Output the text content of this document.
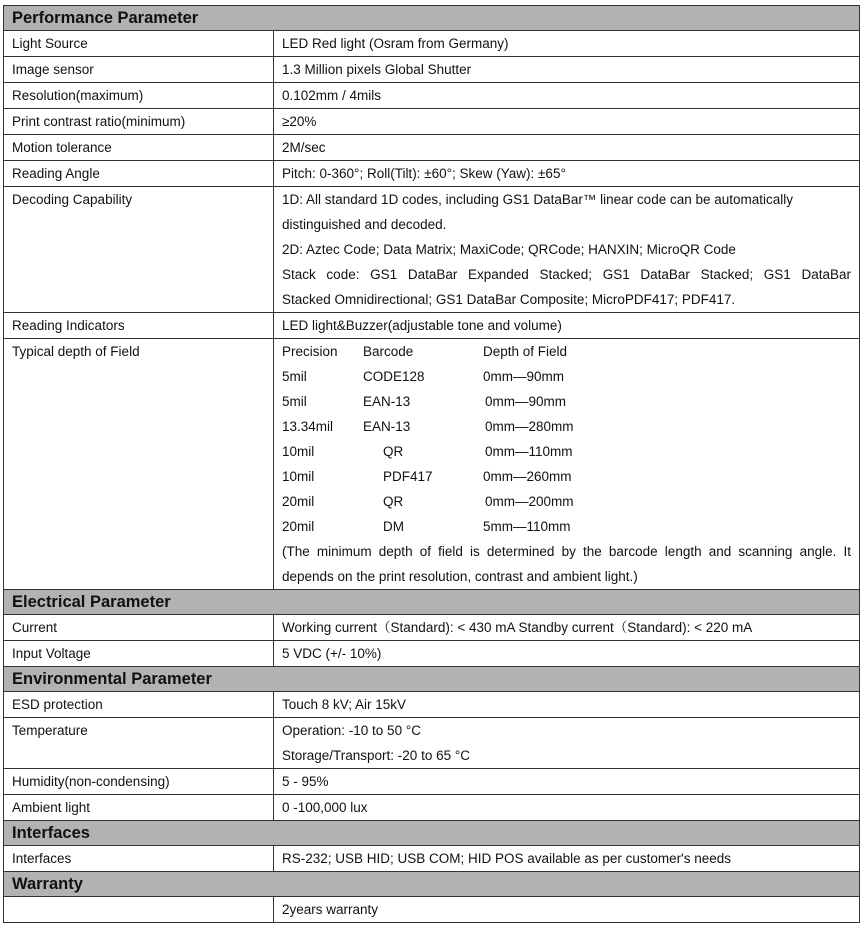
Performance Parameter	
Light Source	LED Red light (Osram from Germany)
Image sensor	1.3 Million pixels Global Shutter
Resolution(maximum)	0.102mm / 4mils
Print contrast ratio(minimum)	≥20%
Motion tolerance	2M/sec
Reading Angle	Pitch: 0-360°; Roll(Tilt): ±60°; Skew (Yaw): ±65°
Decoding Capability	1D: All standard 1D codes, including GS1 DataBar™ linear code can be automatically
distinguished and decoded.
2D: Aztec Code; Data Matrix; MaxiCode; QRCode; HANXIN; MicroQR Code
Stack code: GS1 DataBar Expanded Stacked; GS1 DataBar Stacked; GS1 DataBar
Stacked Omnidirectional; GS1 DataBar Composite; MicroPDF417; PDF417.

Reading Indicators	LED light&Buzzer(adjustable tone and volume)
Typical depth of Field	Precision	Barcode	Depth of Field
5mil	CODE128	0mm—90mm
5mil	EAN-13	0mm—90mm
13.34mil	EAN-13	0mm—280mm
10mil	QR	0mm—110mm
10mil	PDF417	0mm—260mm
20mil	QR	0mm—200mm
20mil	DM	5mm—110mm
(The minimum depth of field is determined by the barcode length and scanning angle. It
depends on the print resolution, contrast and ambient light.)

Electrical Parameter	
Current	Working current（Standard): < 430 mA Standby current（Standard): < 220 mA
Input Voltage	5 VDC (+/- 10%)
Environmental Parameter	
ESD protection	Touch 8 kV; Air 15kV
Temperature	Operation: -10 to 50 °C
Storage/Transport: -20 to 65 °C

Humidity(non-condensing)	5 - 95%
Ambient light	0 -100,000 lux
Interfaces	
Interfaces	RS-232; USB HID; USB COM; HID POS available as per customer's needs
Warranty	
	2years warranty
